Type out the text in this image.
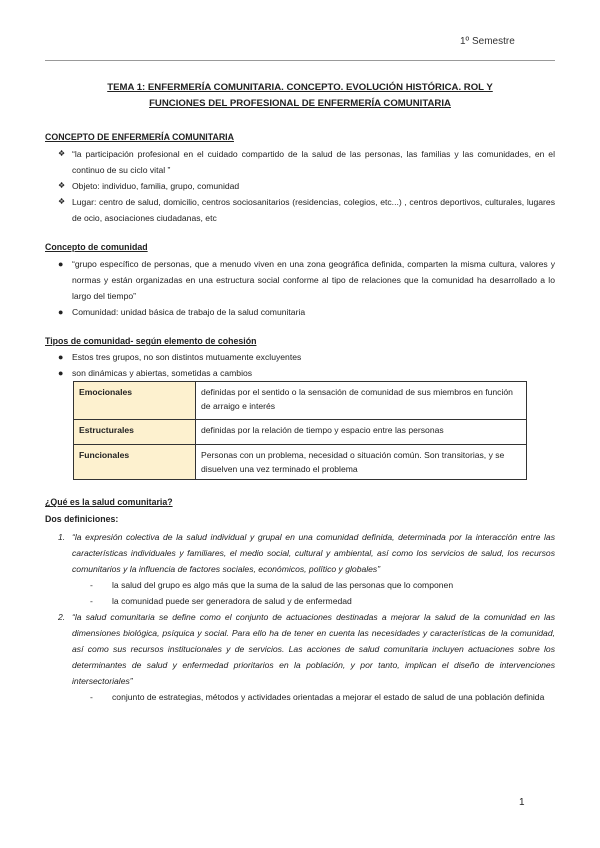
1º Semestre
TEMA 1: ENFERMERÍA COMUNITARIA. CONCEPTO. EVOLUCIÓN HISTÓRICA. ROL Y
FUNCIONES DEL PROFESIONAL DE ENFERMERÍA COMUNITARIA
CONCEPTO DE ENFERMERÍA COMUNITARIA
❖ “la participación profesional en el cuidado compartido de la salud de las personas, las familias y las comunidades, en el continuo de su ciclo vital ”
❖ Objeto: individuo, familia, grupo, comunidad
❖ Lugar: centro de salud, domicilio, centros sociosanitarios (residencias, colegios, etc...) , centros deportivos, culturales, lugares de ocio, asociaciones ciudadanas, etc
Concepto de comunidad
● “grupo específico de personas, que a menudo viven en una zona geográfica definida, comparten la misma cultura, valores y normas y están organizadas en una estructura social conforme al tipo de relaciones que la comunidad ha desarrollado a lo largo del tiempo”
● Comunidad: unidad básica de trabajo de la salud comunitaria
Tipos de comunidad- según elemento de cohesión
● Estos tres grupos, no son distintos mutuamente excluyentes
● son dinámicas y abiertas, sometidas a cambios
Emocionales	definidas por el sentido o la sensación de comunidad de sus miembros en función de arraigo e interés
Estructurales	definidas por la relación de tiempo y espacio entre las personas
Funcionales	Personas con un problema, necesidad o situación común. Son transitorias, y se disuelven una vez terminado el problema
¿Qué es la salud comunitaria?
Dos definiciones:
1. “la expresión colectiva de la salud individual y grupal en una comunidad definida, determinada por la interacción entre las características individuales y familiares, el medio social, cultural y ambiental, así como los servicios de salud, los recursos comunitarios y la influencia de factores sociales, económicos, político y globales”
- la salud del grupo es algo más que la suma de la salud de las personas que lo componen
- la comunidad puede ser generadora de salud y de enfermedad
2. “la salud comunitaria se define como el conjunto de actuaciones destinadas a mejorar la salud de la comunidad en las dimensiones biológica, psíquica y social. Para ello ha de tener en cuenta las necesidades y características de la comunidad, así como sus recursos institucionales y de servicios. Las acciones de salud comunitaria incluyen actuaciones sobre los determinantes de salud y enfermedad prioritarios en la población, y por tanto, implican el diseño de intervenciones intersectoriales”
- conjunto de estrategias, métodos y actividades orientadas a mejorar el estado de salud de una población definida
1
